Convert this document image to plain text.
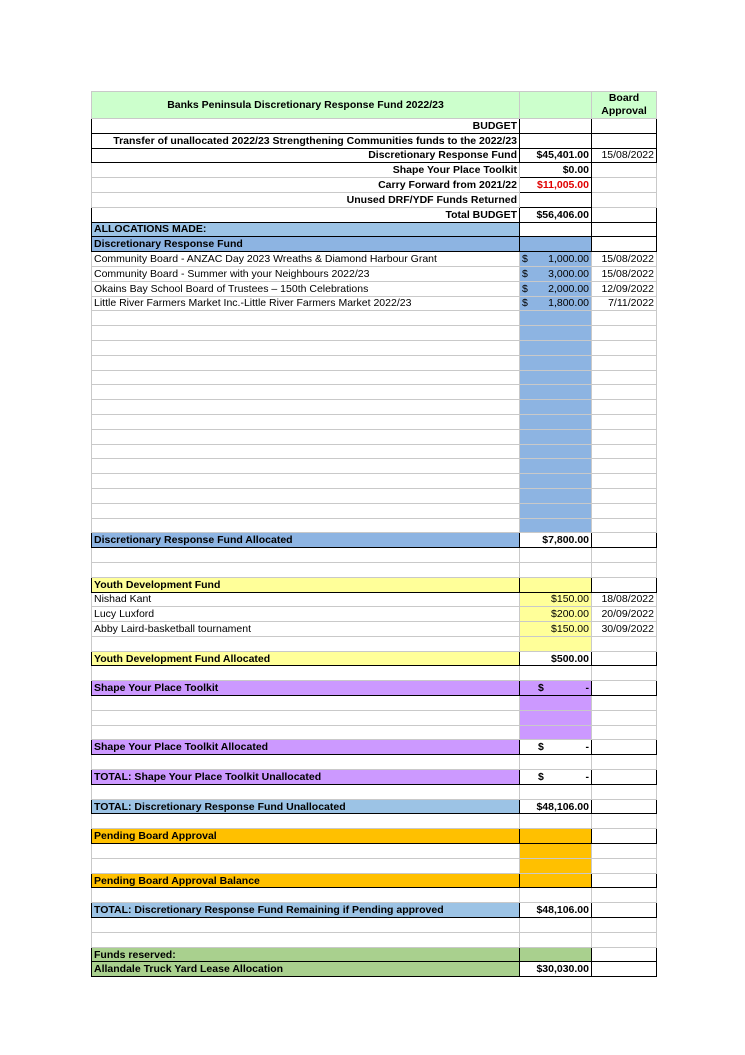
Banks Peninsula Discretionary Response Fund 2022/23		Board Approval
BUDGET		
Transfer of unallocated 2022/23 Strengthening Communities funds to the 2022/23		
Discretionary Response Fund	$45,401.00	15/08/2022
Shape Your Place Toolkit	$0.00	
Carry Forward from 2021/22	$11,005.00	
Unused DRF/YDF Funds Returned		
Total BUDGET	$56,406.00	
ALLOCATIONS MADE:		
Discretionary Response Fund		
Community Board - ANZAC Day 2023 Wreaths & Diamond Harbour Grant	$ 1,000.00	15/08/2022
Community Board - Summer with your Neighbours 2022/23	$ 3,000.00	15/08/2022
Okains Bay School Board of Trustees – 150th Celebrations	$ 2,000.00	12/09/2022
Little River Farmers Market Inc.-Little River Farmers Market 2022/23	$ 1,800.00	7/11/2022

Discretionary Response Fund Allocated	$7,800.00	

Youth Development Fund		
Nishad Kant	$150.00	18/08/2022
Lucy Luxford	$200.00	20/09/2022
Abby Laird-basketball tournament	$150.00	30/09/2022

Youth Development Fund Allocated	$500.00	

Shape Your Place Toolkit	$ -	

Shape Your Place Toolkit Allocated	$ -	

TOTAL: Shape Your Place Toolkit Unallocated	$ -	

TOTAL: Discretionary Response Fund Unallocated	$48,106.00	

Pending Board Approval		

Pending Board Approval Balance		

TOTAL: Discretionary Response Fund Remaining if Pending approved	$48,106.00	

Funds reserved:		
Allandale Truck Yard Lease Allocation	$30,030.00	
